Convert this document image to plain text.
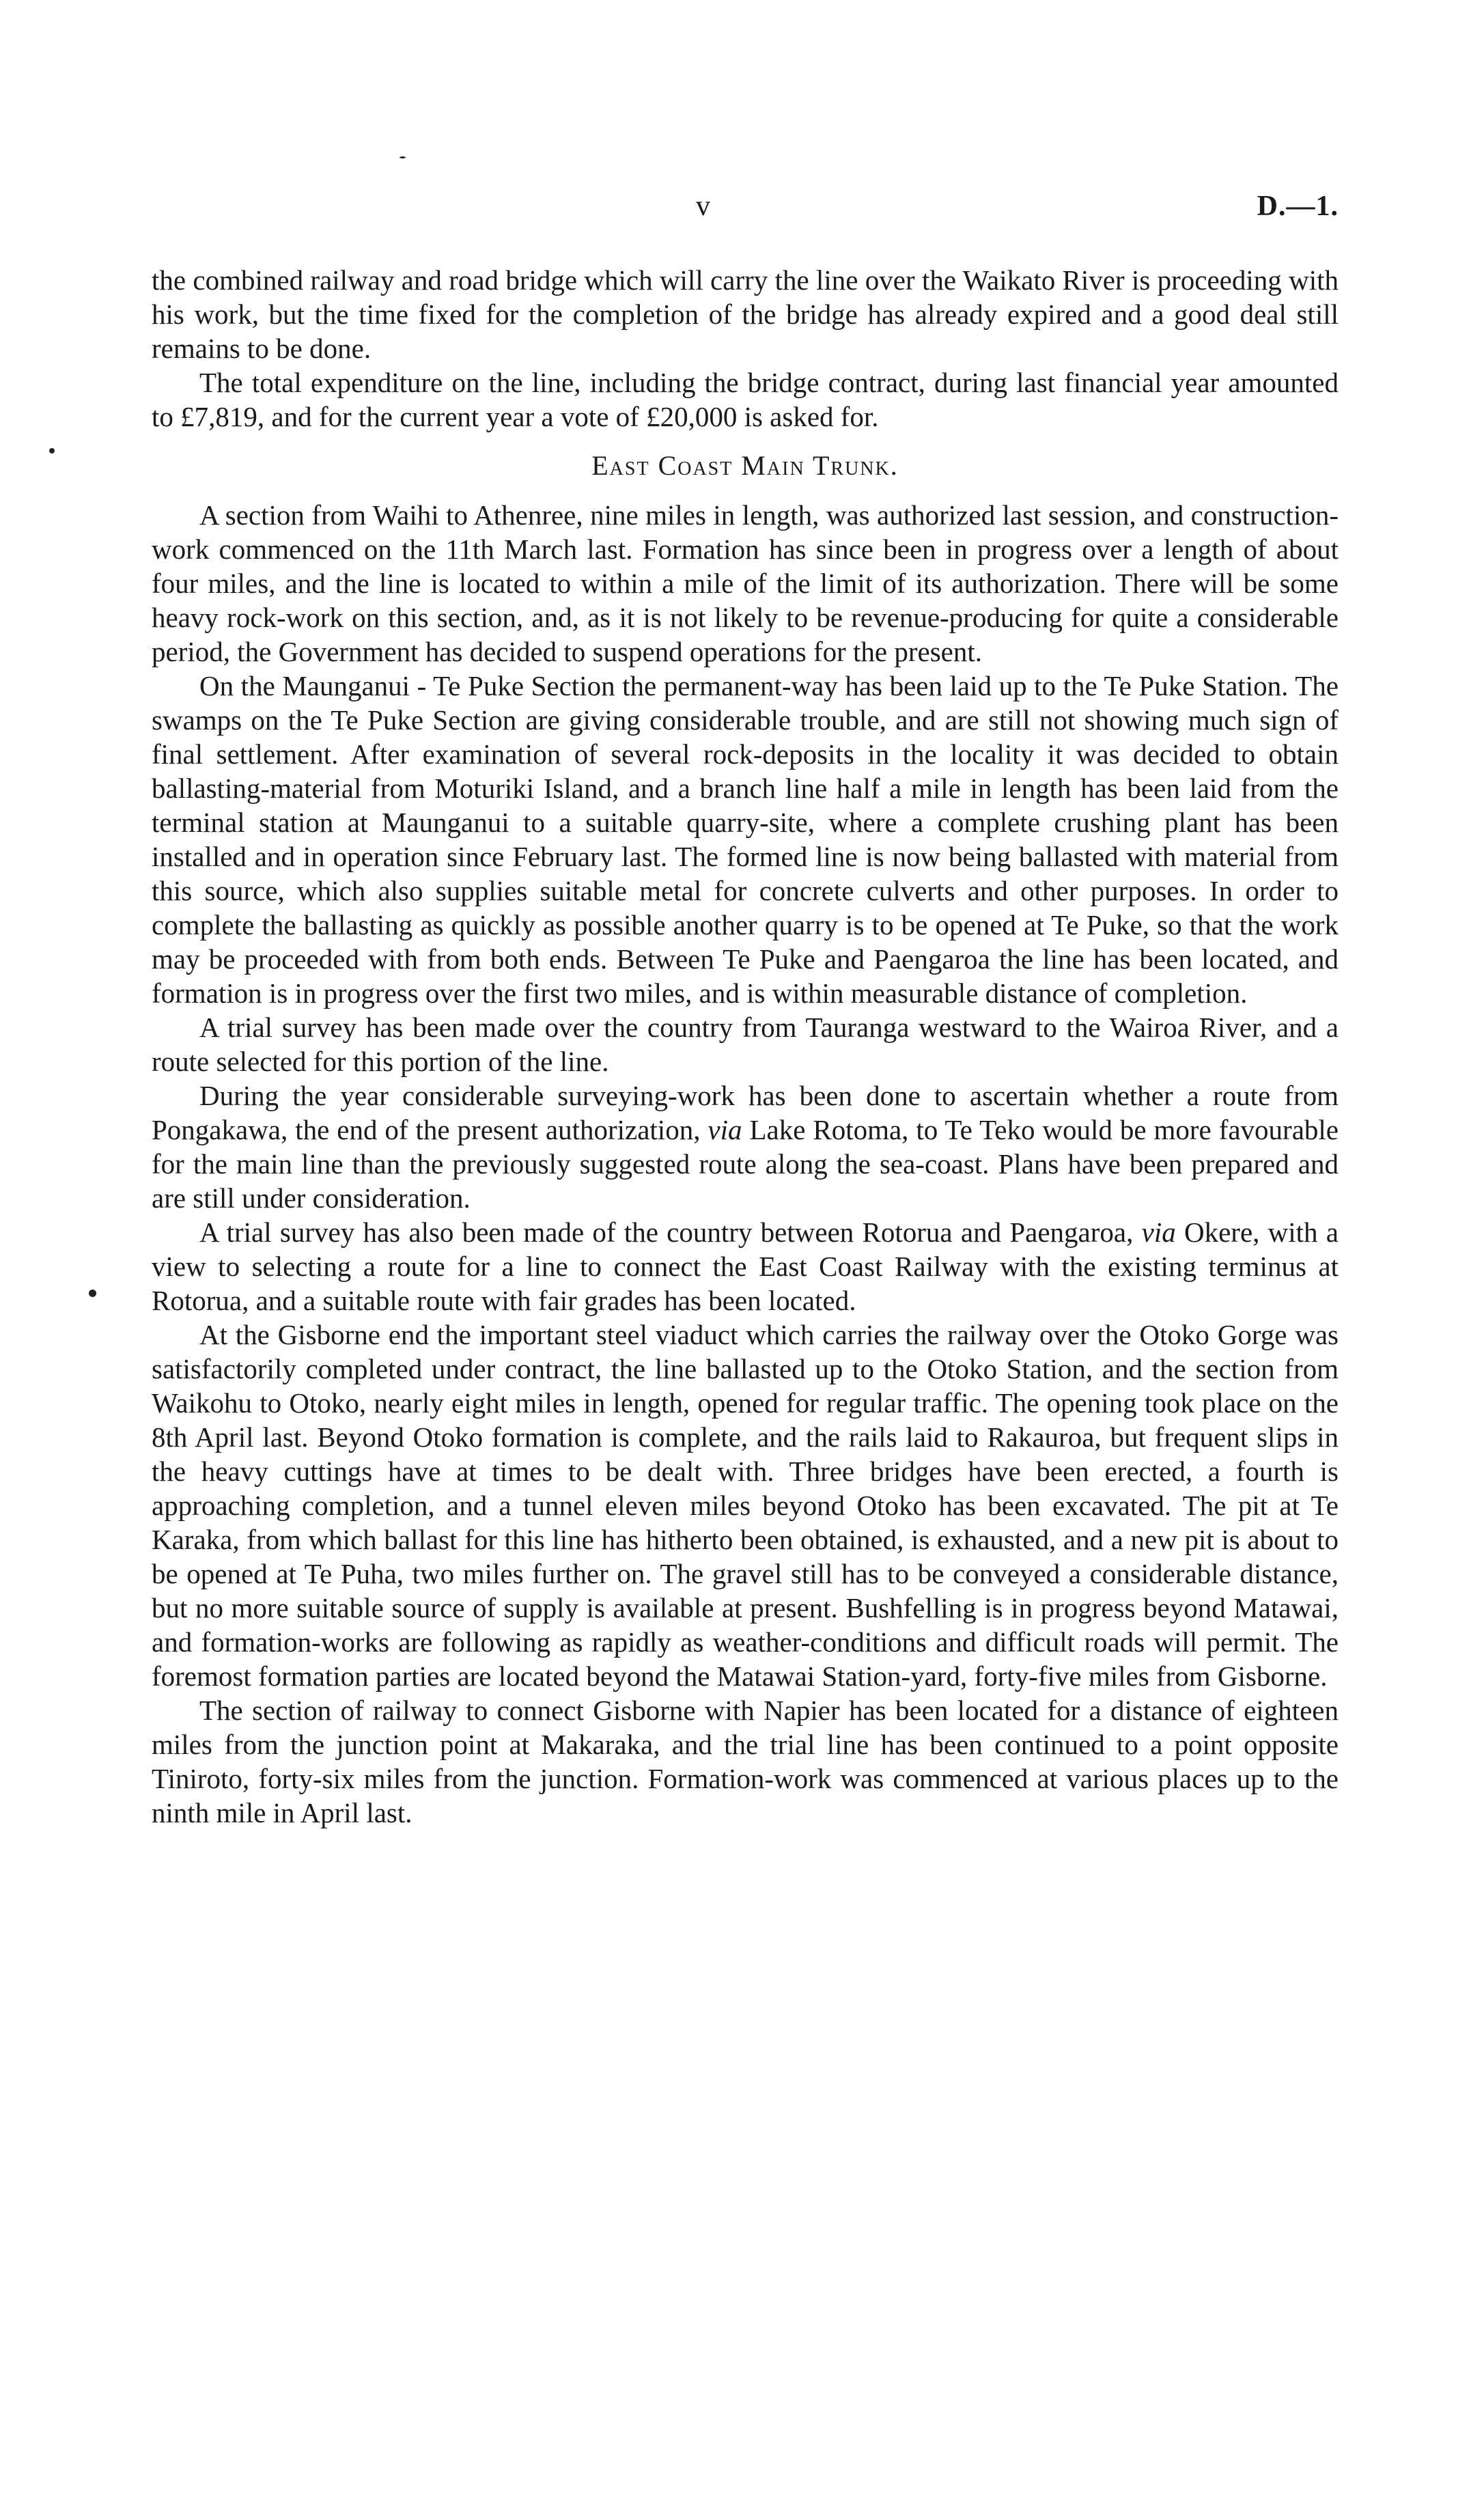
v	D.—1.

the combined railway and road bridge which will carry the line over the Waikato River is proceeding with his work, but the time fixed for the completion of the bridge has already expired and a good deal still remains to be done.

The total expenditure on the line, including the bridge contract, during last financial year amounted to £7,819, and for the current year a vote of £20,000 is asked for.

East Coast Main Trunk.

A section from Waihi to Athenree, nine miles in length, was authorized last session, and construction-work commenced on the 11th March last. Formation has since been in progress over a length of about four miles, and the line is located to within a mile of the limit of its authorization. There will be some heavy rock-work on this section, and, as it is not likely to be revenue-producing for quite a considerable period, the Government has decided to suspend operations for the present.

On the Maunganui - Te Puke Section the permanent-way has been laid up to the Te Puke Station. The swamps on the Te Puke Section are giving considerable trouble, and are still not showing much sign of final settlement. After examination of several rock-deposits in the locality it was decided to obtain ballasting-material from Moturiki Island, and a branch line half a mile in length has been laid from the terminal station at Maunganui to a suitable quarry-site, where a complete crushing plant has been installed and in operation since February last. The formed line is now being ballasted with material from this source, which also supplies suitable metal for concrete culverts and other purposes. In order to complete the ballasting as quickly as possible another quarry is to be opened at Te Puke, so that the work may be proceeded with from both ends. Between Te Puke and Paengaroa the line has been located, and formation is in progress over the first two miles, and is within measurable distance of completion.

A trial survey has been made over the country from Tauranga westward to the Wairoa River, and a route selected for this portion of the line.

During the year considerable surveying-work has been done to ascertain whether a route from Pongakawa, the end of the present authorization, via Lake Rotoma, to Te Teko would be more favourable for the main line than the previously suggested route along the sea-coast. Plans have been prepared and are still under consideration.

A trial survey has also been made of the country between Rotorua and Paengaroa, via Okere, with a view to selecting a route for a line to connect the East Coast Railway with the existing terminus at Rotorua, and a suitable route with fair grades has been located.

At the Gisborne end the important steel viaduct which carries the railway over the Otoko Gorge was satisfactorily completed under contract, the line ballasted up to the Otoko Station, and the section from Waikohu to Otoko, nearly eight miles in length, opened for regular traffic. The opening took place on the 8th April last. Beyond Otoko formation is complete, and the rails laid to Rakauroa, but frequent slips in the heavy cuttings have at times to be dealt with. Three bridges have been erected, a fourth is approaching completion, and a tunnel eleven miles beyond Otoko has been excavated. The pit at Te Karaka, from which ballast for this line has hitherto been obtained, is exhausted, and a new pit is about to be opened at Te Puha, two miles further on. The gravel still has to be conveyed a considerable distance, but no more suitable source of supply is available at present. Bushfelling is in progress beyond Matawai, and formation-works are following as rapidly as weather-conditions and difficult roads will permit. The foremost formation parties are located beyond the Matawai Station-yard, forty-five miles from Gisborne.

The section of railway to connect Gisborne with Napier has been located for a distance of eighteen miles from the junction point at Makaraka, and the trial line has been continued to a point opposite Tiniroto, forty-six miles from the junction. Formation-work was commenced at various places up to the ninth mile in April last.
